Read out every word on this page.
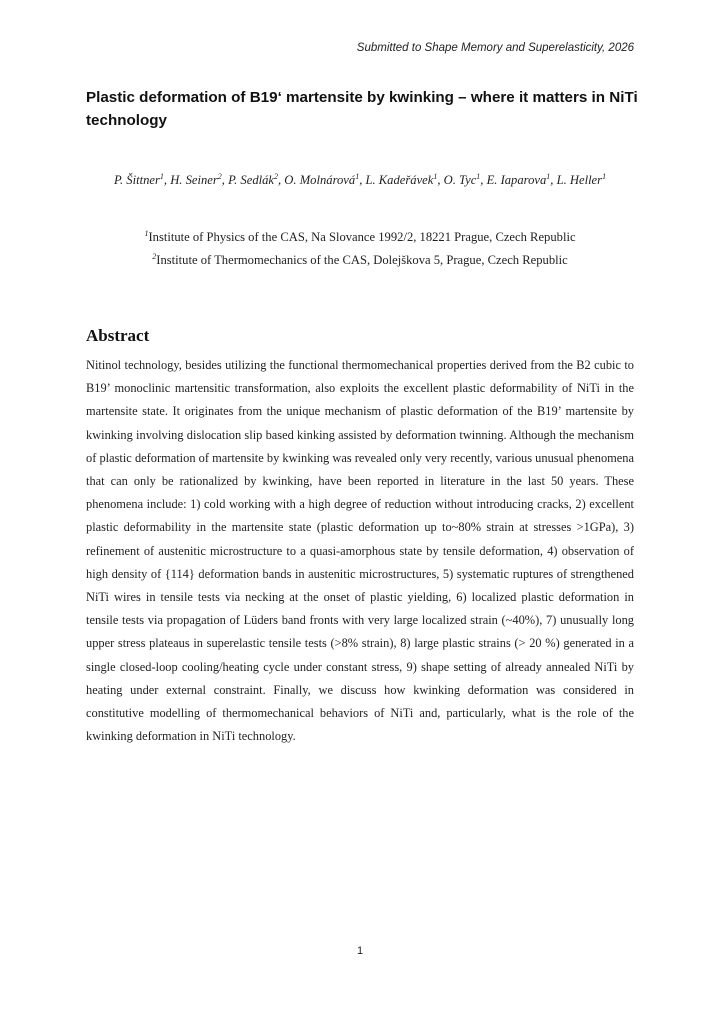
Submitted to Shape Memory and Superelasticity, 2026
Plastic deformation of B19‘ martensite by kwinking – where it matters in NiTi technology
P. Šittner$^1$, H. Seiner$^2$, P. Sedlák$^2$, O. Molnárová$^1$, L. Kadeřávek$^1$, O. Tyc$^1$, E. Iaparova$^1$, L. Heller$^1$
$^1$Institute of Physics of the CAS, Na Slovance 1992/2, 18221 Prague, Czech Republic
$^2$Institute of Thermomechanics of the CAS, Dolejškova 5, Prague, Czech Republic
Abstract

Nitinol technology, besides utilizing the functional thermomechanical properties derived from the B2 cubic to B19’ monoclinic martensitic transformation, also exploits the excellent plastic deformability of NiTi in the martensite state. It originates from the unique mechanism of plastic deformation of the B19’ martensite by kwinking involving dislocation slip based kinking assisted by deformation twinning. Although the mechanism of plastic deformation of martensite by kwinking was revealed only very recently, various unusual phenomena that can only be rationalized by kwinking, have been reported in literature in the last 50 years. These phenomena include: 1) cold working with a high degree of reduction without introducing cracks, 2) excellent plastic deformability in the martensite state (plastic deformation up to~80% strain at stresses >1GPa), 3) refinement of austenitic microstructure to a quasi-amorphous state by tensile deformation, 4) observation of high density of {114} deformation bands in austenitic microstructures, 5) systematic ruptures of strengthened NiTi wires in tensile tests via necking at the onset of plastic yielding, 6) localized plastic deformation in tensile tests via propagation of Lüders band fronts with very large localized strain (~40%), 7) unusually long upper stress plateaus in superelastic tensile tests (>8% strain), 8) large plastic strains (> 20 %) generated in a single closed-loop cooling/heating cycle under constant stress, 9) shape setting of already annealed NiTi by heating under external constraint. Finally, we discuss how kwinking deformation was considered in constitutive modelling of thermomechanical behaviors of NiTi and, particularly, what is the role of the kwinking deformation in NiTi technology.

1
